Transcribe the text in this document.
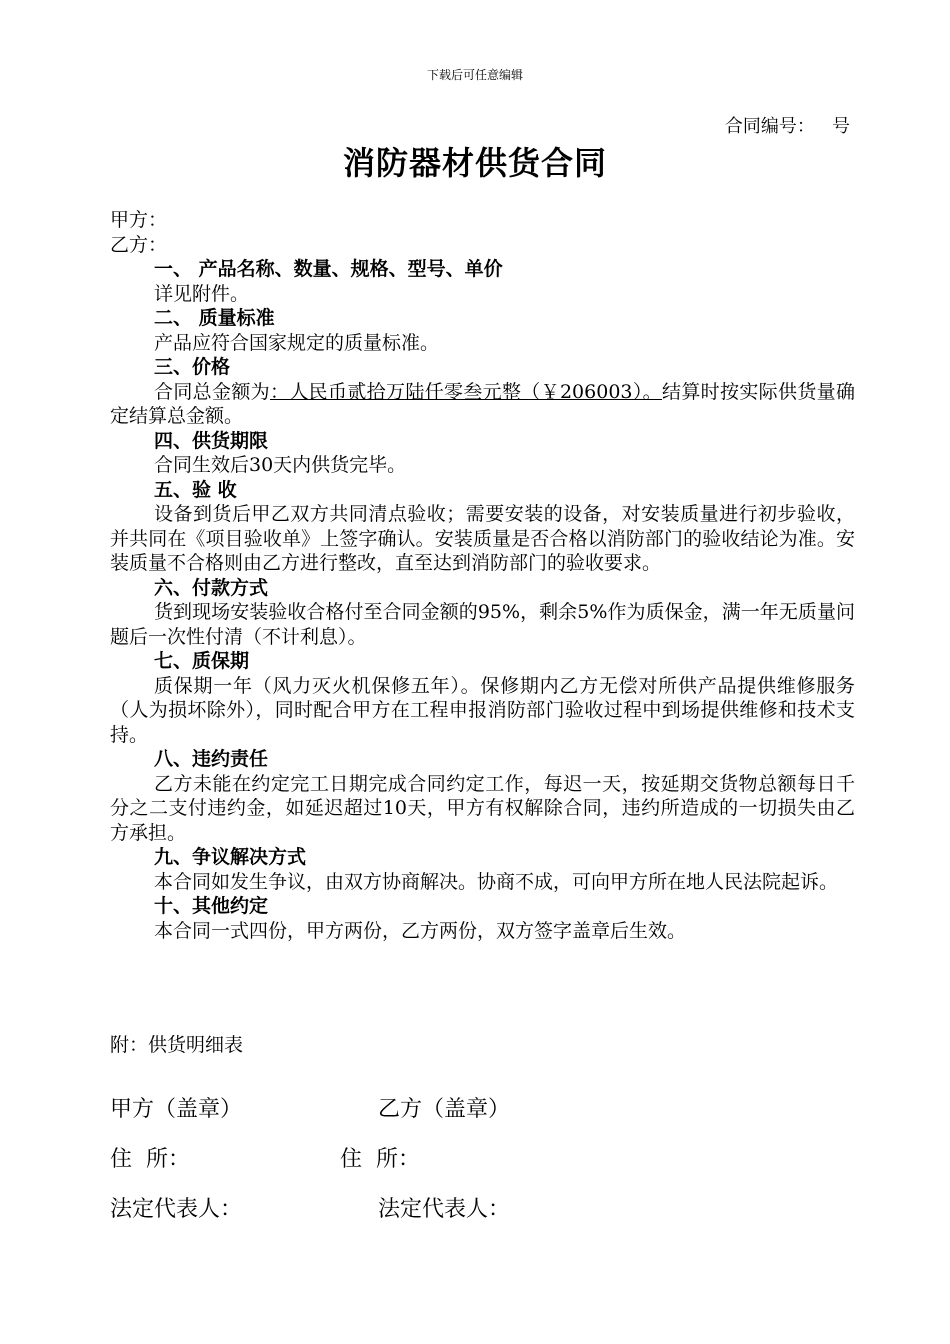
下载后可任意编辑
合同编号：   号
消防器材供货合同
甲方：
乙方：
一、 产品名称、数量、规格、型号、单价
详见附件。
二、 质量标准
产品应符合国家规定的质量标准。
三、价格
合同总金额为：人民币贰拾万陆仟零叁元整（￥206003）。结算时按实际供货量确定结算总金额。
四、供货期限
合同生效后30天内供货完毕。
五、验 收
设备到货后甲乙双方共同清点验收；需要安装的设备，对安装质量进行初步验收，并共同在《项目验收单》上签字确认。安装质量是否合格以消防部门的验收结论为准。安装质量不合格则由乙方进行整改，直至达到消防部门的验收要求。
六、付款方式
货到现场安装验收合格付至合同金额的95%，剩余5%作为质保金，满一年无质量问题后一次性付清（不计利息）。
七、质保期
质保期一年（风力灭火机保修五年）。保修期内乙方无偿对所供产品提供维修服务（人为损坏除外），同时配合甲方在工程申报消防部门验收过程中到场提供维修和技术支持。
八、违约责任
乙方未能在约定完工日期完成合同约定工作，每迟一天，按延期交货物总额每日千分之二支付违约金，如延迟超过10天，甲方有权解除合同，违约所造成的一切损失由乙方承担。
九、争议解决方式
本合同如发生争议，由双方协商解决。协商不成，可向甲方所在地人民法院起诉。
十、其他约定
本合同一式四份，甲方两份，乙方两份，双方签字盖章后生效。
附：供货明细表
甲方（盖章）	乙方（盖章）
住  所：	住  所：
法定代表人：	法定代表人：
